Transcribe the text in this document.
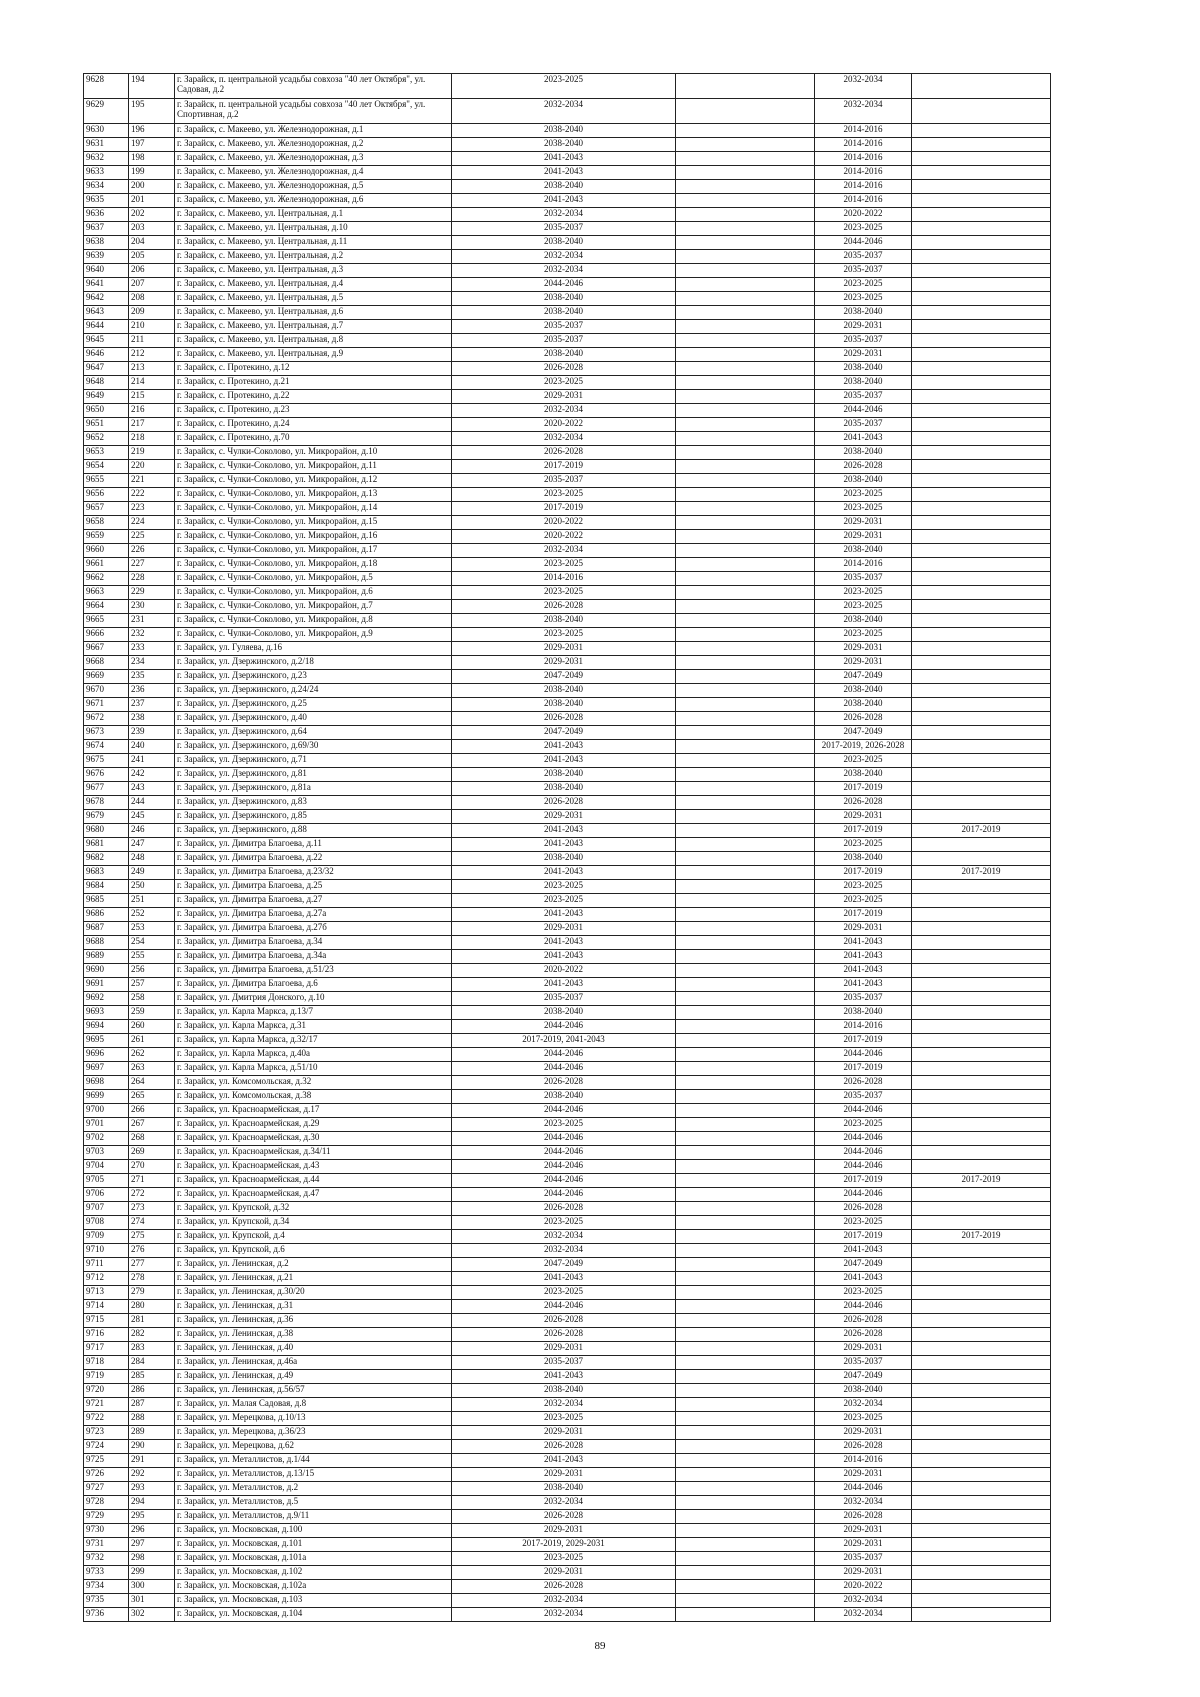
9628	194	г. Зарайск, п. центральной усадьбы совхоза "40 лет Октября", ул. Садовая, д.2	2023-2025			2032-2034	
9629	195	г. Зарайск, п. центральной усадьбы совхоза "40 лет Октября", ул. Спортивная, д.2	2032-2034			2032-2034	
9630	196	г. Зарайск, с. Макеево, ул. Железнодорожная, д.1	2038-2040			2014-2016	
9631	197	г. Зарайск, с. Макеево, ул. Железнодорожная, д.2	2038-2040			2014-2016	
9632	198	г. Зарайск, с. Макеево, ул. Железнодорожная, д.3	2041-2043			2014-2016	
9633	199	г. Зарайск, с. Макеево, ул. Железнодорожная, д.4	2041-2043			2014-2016	
9634	200	г. Зарайск, с. Макеево, ул. Железнодорожная, д.5	2038-2040			2014-2016	
9635	201	г. Зарайск, с. Макеево, ул. Железнодорожная, д.6	2041-2043			2014-2016	
9636	202	г. Зарайск, с. Макеево, ул. Центральная, д.1	2032-2034			2020-2022	
9637	203	г. Зарайск, с. Макеево, ул. Центральная, д.10	2035-2037			2023-2025	
9638	204	г. Зарайск, с. Макеево, ул. Центральная, д.11	2038-2040			2044-2046	
9639	205	г. Зарайск, с. Макеево, ул. Центральная, д.2	2032-2034			2035-2037	
9640	206	г. Зарайск, с. Макеево, ул. Центральная, д.3	2032-2034			2035-2037	
9641	207	г. Зарайск, с. Макеево, ул. Центральная, д.4	2044-2046			2023-2025	
9642	208	г. Зарайск, с. Макеево, ул. Центральная, д.5	2038-2040			2023-2025	
9643	209	г. Зарайск, с. Макеево, ул. Центральная, д.6	2038-2040			2038-2040	
9644	210	г. Зарайск, с. Макеево, ул. Центральная, д.7	2035-2037			2029-2031	
9645	211	г. Зарайск, с. Макеево, ул. Центральная, д.8	2035-2037			2035-2037	
9646	212	г. Зарайск, с. Макеево, ул. Центральная, д.9	2038-2040			2029-2031	
9647	213	г. Зарайск, с. Протекино, д.12	2026-2028			2038-2040	
9648	214	г. Зарайск, с. Протекино, д.21	2023-2025			2038-2040	
9649	215	г. Зарайск, с. Протекино, д.22	2029-2031			2035-2037	
9650	216	г. Зарайск, с. Протекино, д.23	2032-2034			2044-2046	
9651	217	г. Зарайск, с. Протекино, д.24	2020-2022			2035-2037	
9652	218	г. Зарайск, с. Протекино, д.70	2032-2034			2041-2043	
9653	219	г. Зарайск, с. Чулки-Соколово, ул. Микрорайон, д.10	2026-2028			2038-2040	
9654	220	г. Зарайск, с. Чулки-Соколово, ул. Микрорайон, д.11	2017-2019			2026-2028	
9655	221	г. Зарайск, с. Чулки-Соколово, ул. Микрорайон, д.12	2035-2037			2038-2040	
9656	222	г. Зарайск, с. Чулки-Соколово, ул. Микрорайон, д.13	2023-2025			2023-2025	
9657	223	г. Зарайск, с. Чулки-Соколово, ул. Микрорайон, д.14	2017-2019			2023-2025	
9658	224	г. Зарайск, с. Чулки-Соколово, ул. Микрорайон, д.15	2020-2022			2029-2031	
9659	225	г. Зарайск, с. Чулки-Соколово, ул. Микрорайон, д.16	2020-2022			2029-2031	
9660	226	г. Зарайск, с. Чулки-Соколово, ул. Микрорайон, д.17	2032-2034			2038-2040	
9661	227	г. Зарайск, с. Чулки-Соколово, ул. Микрорайон, д.18	2023-2025			2014-2016	
9662	228	г. Зарайск, с. Чулки-Соколово, ул. Микрорайон, д.5	2014-2016			2035-2037	
9663	229	г. Зарайск, с. Чулки-Соколово, ул. Микрорайон, д.6	2023-2025			2023-2025	
9664	230	г. Зарайск, с. Чулки-Соколово, ул. Микрорайон, д.7	2026-2028			2023-2025	
9665	231	г. Зарайск, с. Чулки-Соколово, ул. Микрорайон, д.8	2038-2040			2038-2040	
9666	232	г. Зарайск, с. Чулки-Соколово, ул. Микрорайон, д.9	2023-2025			2023-2025	
9667	233	г. Зарайск, ул. Гуляева, д.16	2029-2031			2029-2031	
9668	234	г. Зарайск, ул. Дзержинского, д.2/18	2029-2031			2029-2031	
9669	235	г. Зарайск, ул. Дзержинского, д.23	2047-2049			2047-2049	
9670	236	г. Зарайск, ул. Дзержинского, д.24/24	2038-2040			2038-2040	
9671	237	г. Зарайск, ул. Дзержинского, д.25	2038-2040			2038-2040	
9672	238	г. Зарайск, ул. Дзержинского, д.40	2026-2028			2026-2028	
9673	239	г. Зарайск, ул. Дзержинского, д.64	2047-2049			2047-2049	
9674	240	г. Зарайск, ул. Дзержинского, д.69/30	2041-2043			2017-2019, 2026-2028	
9675	241	г. Зарайск, ул. Дзержинского, д.71	2041-2043			2023-2025	
9676	242	г. Зарайск, ул. Дзержинского, д.81	2038-2040			2038-2040	
9677	243	г. Зарайск, ул. Дзержинского, д.81а	2038-2040			2017-2019	
9678	244	г. Зарайск, ул. Дзержинского, д.83	2026-2028			2026-2028	
9679	245	г. Зарайск, ул. Дзержинского, д.85	2029-2031			2029-2031	
9680	246	г. Зарайск, ул. Дзержинского, д.88	2041-2043			2017-2019	2017-2019
9681	247	г. Зарайск, ул. Димитра Благоева, д.11	2041-2043			2023-2025	
9682	248	г. Зарайск, ул. Димитра Благоева, д.22	2038-2040			2038-2040	
9683	249	г. Зарайск, ул. Димитра Благоева, д.23/32	2041-2043			2017-2019	2017-2019
9684	250	г. Зарайск, ул. Димитра Благоева, д.25	2023-2025			2023-2025	
9685	251	г. Зарайск, ул. Димитра Благоева, д.27	2023-2025			2023-2025	
9686	252	г. Зарайск, ул. Димитра Благоева, д.27а	2041-2043			2017-2019	
9687	253	г. Зарайск, ул. Димитра Благоева, д.27б	2029-2031			2029-2031	
9688	254	г. Зарайск, ул. Димитра Благоева, д.34	2041-2043			2041-2043	
9689	255	г. Зарайск, ул. Димитра Благоева, д.34а	2041-2043			2041-2043	
9690	256	г. Зарайск, ул. Димитра Благоева, д.51/23	2020-2022			2041-2043	
9691	257	г. Зарайск, ул. Димитра Благоева, д.6	2041-2043			2041-2043	
9692	258	г. Зарайск, ул. Дмитрия Донского, д.10	2035-2037			2035-2037	
9693	259	г. Зарайск, ул. Карла Маркса, д.13/7	2038-2040			2038-2040	
9694	260	г. Зарайск, ул. Карла Маркса, д.31	2044-2046			2014-2016	
9695	261	г. Зарайск, ул. Карла Маркса, д.32/17	2017-2019, 2041-2043			2017-2019	
9696	262	г. Зарайск, ул. Карла Маркса, д.40а	2044-2046			2044-2046	
9697	263	г. Зарайск, ул. Карла Маркса, д.51/10	2044-2046			2017-2019	
9698	264	г. Зарайск, ул. Комсомольская, д.32	2026-2028			2026-2028	
9699	265	г. Зарайск, ул. Комсомольская, д.38	2038-2040			2035-2037	
9700	266	г. Зарайск, ул. Красноармейская, д.17	2044-2046			2044-2046	
9701	267	г. Зарайск, ул. Красноармейская, д.29	2023-2025			2023-2025	
9702	268	г. Зарайск, ул. Красноармейская, д.30	2044-2046			2044-2046	
9703	269	г. Зарайск, ул. Красноармейская, д.34/11	2044-2046			2044-2046	
9704	270	г. Зарайск, ул. Красноармейская, д.43	2044-2046			2044-2046	
9705	271	г. Зарайск, ул. Красноармейская, д.44	2044-2046			2017-2019	2017-2019
9706	272	г. Зарайск, ул. Красноармейская, д.47	2044-2046			2044-2046	
9707	273	г. Зарайск, ул. Крупской, д.32	2026-2028			2026-2028	
9708	274	г. Зарайск, ул. Крупской, д.34	2023-2025			2023-2025	
9709	275	г. Зарайск, ул. Крупской, д.4	2032-2034			2017-2019	2017-2019
9710	276	г. Зарайск, ул. Крупской, д.6	2032-2034			2041-2043	
9711	277	г. Зарайск, ул. Ленинская, д.2	2047-2049			2047-2049	
9712	278	г. Зарайск, ул. Ленинская, д.21	2041-2043			2041-2043	
9713	279	г. Зарайск, ул. Ленинская, д.30/20	2023-2025			2023-2025	
9714	280	г. Зарайск, ул. Ленинская, д.31	2044-2046			2044-2046	
9715	281	г. Зарайск, ул. Ленинская, д.36	2026-2028			2026-2028	
9716	282	г. Зарайск, ул. Ленинская, д.38	2026-2028			2026-2028	
9717	283	г. Зарайск, ул. Ленинская, д.40	2029-2031			2029-2031	
9718	284	г. Зарайск, ул. Ленинская, д.46а	2035-2037			2035-2037	
9719	285	г. Зарайск, ул. Ленинская, д.49	2041-2043			2047-2049	
9720	286	г. Зарайск, ул. Ленинская, д.56/57	2038-2040			2038-2040	
9721	287	г. Зарайск, ул. Малая Садовая, д.8	2032-2034			2032-2034	
9722	288	г. Зарайск, ул. Мерецкова, д.10/13	2023-2025			2023-2025	
9723	289	г. Зарайск, ул. Мерецкова, д.36/23	2029-2031			2029-2031	
9724	290	г. Зарайск, ул. Мерецкова, д.62	2026-2028			2026-2028	
9725	291	г. Зарайск, ул. Металлистов, д.1/44	2041-2043			2014-2016	
9726	292	г. Зарайск, ул. Металлистов, д.13/15	2029-2031			2029-2031	
9727	293	г. Зарайск, ул. Металлистов, д.2	2038-2040			2044-2046	
9728	294	г. Зарайск, ул. Металлистов, д.5	2032-2034			2032-2034	
9729	295	г. Зарайск, ул. Металлистов, д.9/11	2026-2028			2026-2028	
9730	296	г. Зарайск, ул. Московская, д.100	2029-2031			2029-2031	
9731	297	г. Зарайск, ул. Московская, д.101	2017-2019, 2029-2031			2029-2031	
9732	298	г. Зарайск, ул. Московская, д.101а	2023-2025			2035-2037	
9733	299	г. Зарайск, ул. Московская, д.102	2029-2031			2029-2031	
9734	300	г. Зарайск, ул. Московская, д.102а	2026-2028			2020-2022	
9735	301	г. Зарайск, ул. Московская, д.103	2032-2034			2032-2034	
9736	302	г. Зарайск, ул. Московская, д.104	2032-2034			2032-2034	
89
